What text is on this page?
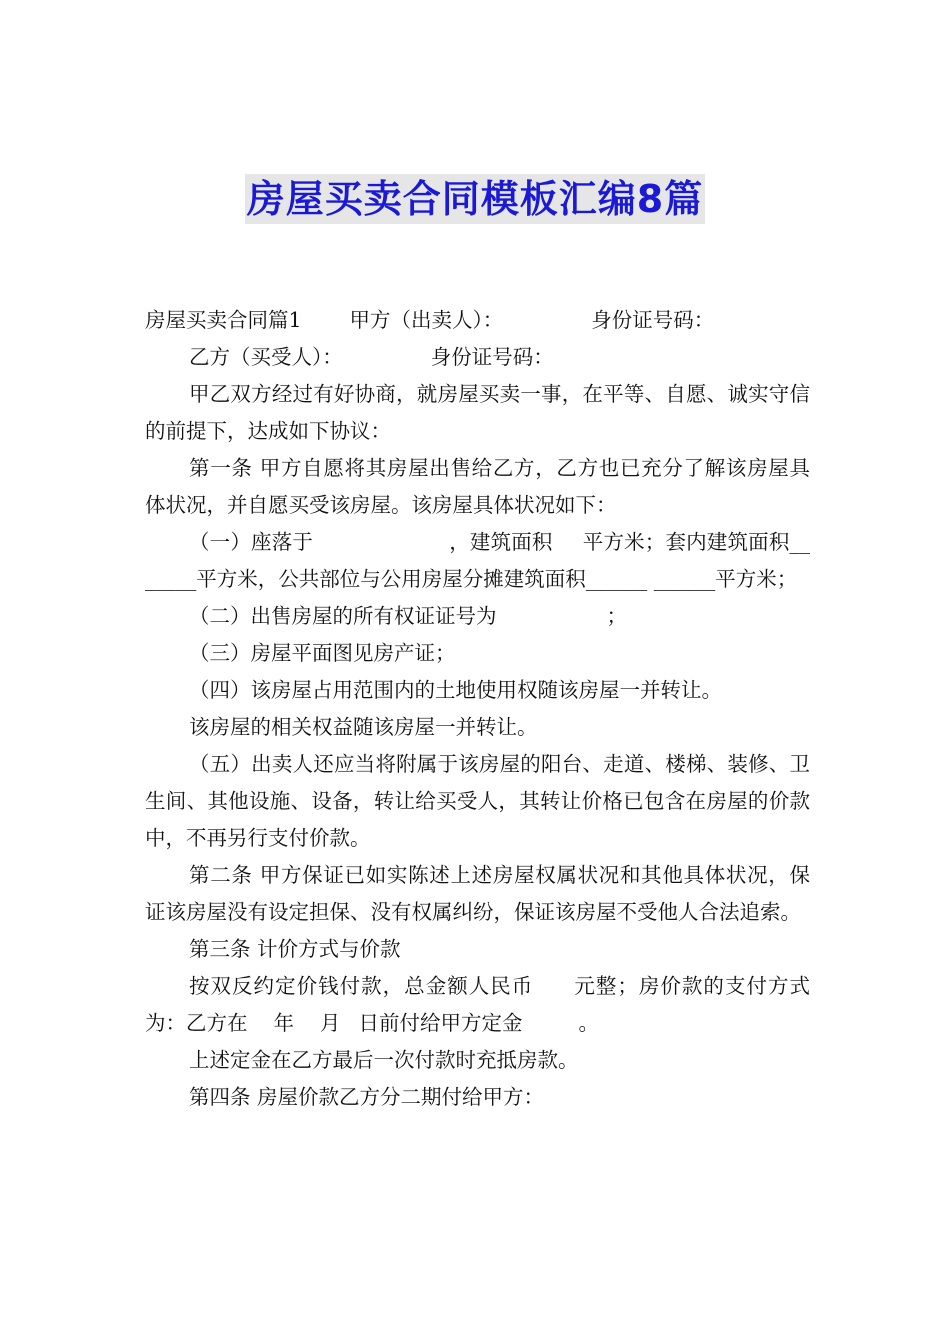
房屋买卖合同模板汇编8篇

房屋买卖合同篇1 甲方（出卖人）：	身份证号码：

乙方（买受人）：	身份证号码：

甲乙双方经过有好协商，就房屋买卖一事，在平等、自愿、诚实守信的前提下，达成如下协议：

第一条 甲方自愿将其房屋出售给乙方，乙方也已充分了解该房屋具体状况，并自愿买受该房屋。该房屋具体状况如下：

（一）座落于	，建筑面积 平方米；套内建筑面积_______平方米，公共部位与公用房屋分摊建筑面积______ ______平方米；

（二）出售房屋的所有权证证号为	；

（三）房屋平面图见房产证；

（四）该房屋占用范围内的土地使用权随该房屋一并转让。

该房屋的相关权益随该房屋一并转让。

（五）出卖人还应当将附属于该房屋的阳台、走道、楼梯、装修、卫生间、其他设施、设备，转让给买受人，其转让价格已包含在房屋的价款中，不再另行支付价款。

第二条 甲方保证已如实陈述上述房屋权属状况和其他具体状况，保证该房屋没有设定担保、没有权属纠纷，保证该房屋不受他人合法追索。

第三条 计价方式与价款

按双反约定价钱付款，总金额人民币 元整；房价款的支付方式为：乙方在 年 月 日前付给甲方定金	。

上述定金在乙方最后一次付款时充抵房款。

第四条 房屋价款乙方分二期付给甲方：
